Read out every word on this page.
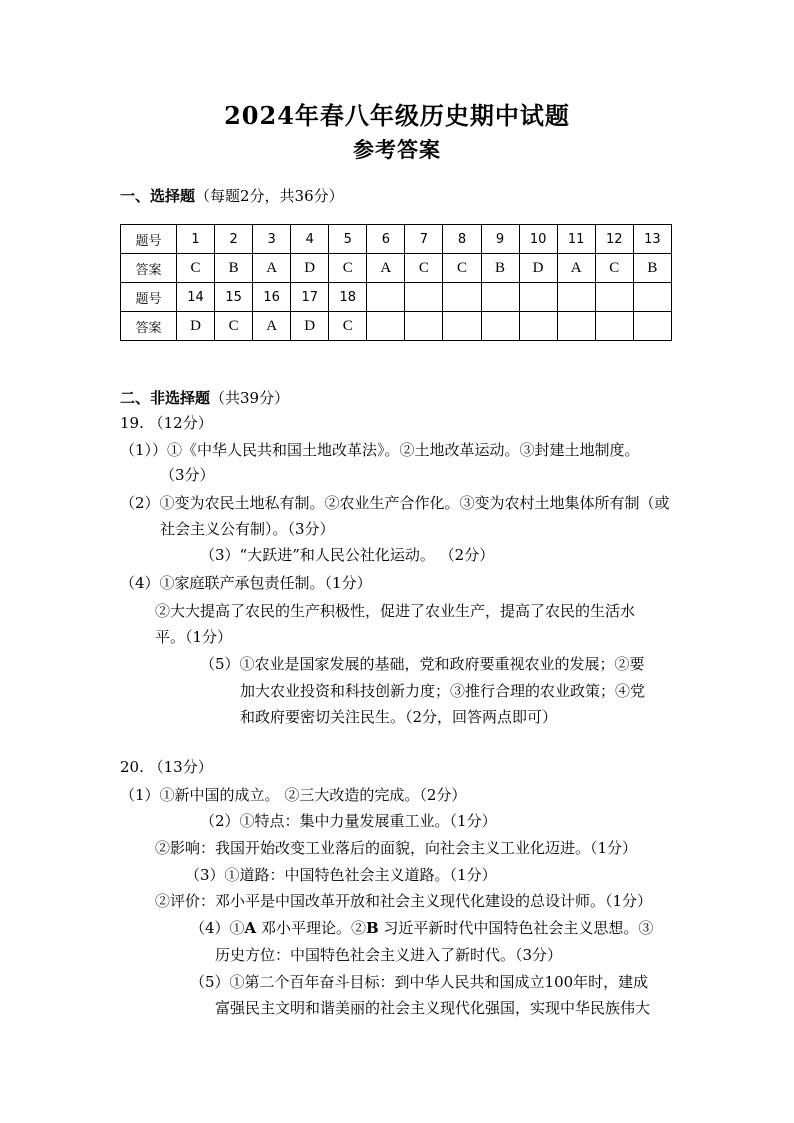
2024年春八年级历史期中试题
参考答案
一、选择题（每题2分，共36分）
题号	1	2	3	4	5	6	7	8	9	10	11	12	13
答案	C	B	A	D	C	A	C	C	B	D	A	C	B
题号	14	15	16	17	18								
答案	D	C	A	D	C								
二、非选择题（共39分）
19. （12分）
（1））①《中华人民共和国土地改革法》。②土地改革运动。③封建土地制度。
（3分）
（2）①变为农民土地私有制。②农业生产合作化。③变为农村土地集体所有制（或
社会主义公有制）。（3分）
（3）“大跃进”和人民公社化运动。 （2分）
（4）①家庭联产承包责任制。（1分）
②大大提高了农民的生产积极性，促进了农业生产，提高了农民的生活水
平。（1分）
（5）①农业是国家发展的基础，党和政府要重视农业的发展；②要
加大农业投资和科技创新力度；③推行合理的农业政策；④党
和政府要密切关注民生。（2分，回答两点即可）
20. （13分）
（1）①新中国的成立。 ②三大改造的完成。（2分）
（2）①特点：集中力量发展重工业。（1分）
②影响：我国开始改变工业落后的面貌，向社会主义工业化迈进。（1分）
（3）①道路：中国特色社会主义道路。（1分）
②评价：邓小平是中国改革开放和社会主义现代化建设的总设计师。（1分）
（4）①A 邓小平理论。②B 习近平新时代中国特色社会主义思想。③
历史方位：中国特色社会主义进入了新时代。（3分）
（5）①第二个百年奋斗目标：到中华人民共和国成立100年时，建成
富强民主文明和谐美丽的社会主义现代化强国，实现中华民族伟大
